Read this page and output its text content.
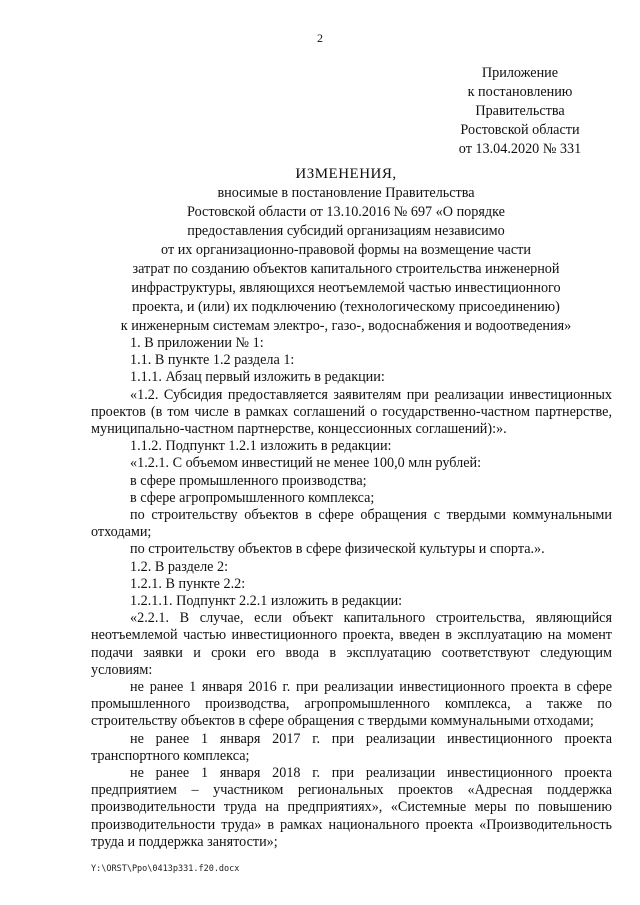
2
Приложение
к постановлению
Правительства
Ростовской области
от 13.04.2020 № 331
ИЗМЕНЕНИЯ,
вносимые в постановление Правительства
Ростовской области от 13.10.2016 № 697 «О порядке
предоставления субсидий организациям независимо
от их организационно-правовой формы на возмещение части
затрат по созданию объектов капитального строительства инженерной
инфраструктуры, являющихся неотъемлемой частью инвестиционного
проекта, и (или) их подключению (технологическому присоединению)
к инженерным системам электро-, газо-, водоснабжения и водоотведения»

1. В приложении № 1:

1.1. В пункте 1.2 раздела 1:

1.1.1. Абзац первый изложить в редакции:

«1.2. Субсидия предоставляется заявителям при реализации инвестиционных проектов (в том числе в рамках соглашений о государственно-частном партнерстве, муниципально-частном партнерстве, концессионных соглашений):».

1.1.2. Подпункт 1.2.1 изложить в редакции:

«1.2.1. С объемом инвестиций не менее 100,0 млн рублей:

в сфере промышленного производства;

в сфере агропромышленного комплекса;

по строительству объектов в сфере обращения с твердыми коммунальными отходами;

по строительству объектов в сфере физической культуры и спорта.».

1.2. В разделе 2:

1.2.1. В пункте 2.2:

1.2.1.1. Подпункт 2.2.1 изложить в редакции:

«2.2.1. В случае, если объект капитального строительства, являющийся неотъемлемой частью инвестиционного проекта, введен в эксплуатацию на момент подачи заявки и сроки его ввода в эксплуатацию соответствуют следующим условиям:

не ранее 1 января 2016 г. при реализации инвестиционного проекта в сфере промышленного производства, агропромышленного комплекса, а также по строительству объектов в сфере обращения с твердыми коммунальными отходами;

не ранее 1 января 2017 г. при реализации инвестиционного проекта транспортного комплекса;

не ранее 1 января 2018 г. при реализации инвестиционного проекта предприятием – участником региональных проектов «Адресная поддержка производительности труда на предприятиях», «Системные меры по повышению производительности труда» в рамках национального проекта «Производительность труда и поддержка занятости»;

Y:\ORST\Ppo\0413p331.f20.docx
